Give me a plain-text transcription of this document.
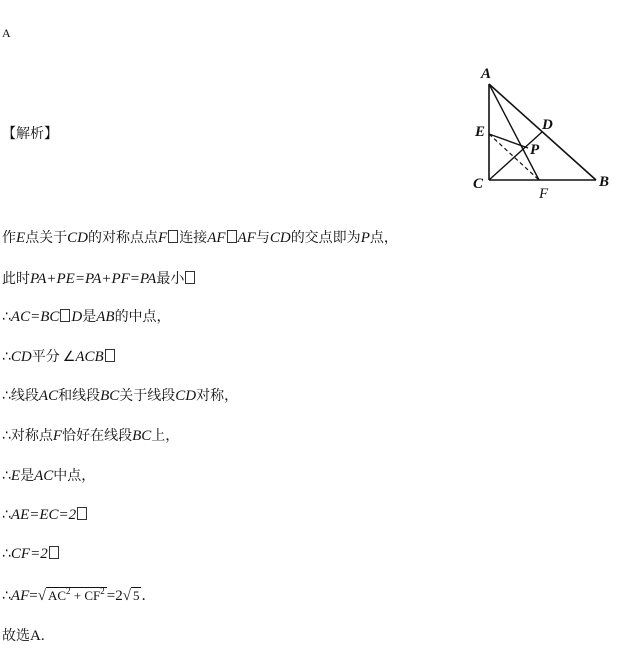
A
【解析】
A
E	D
P
C	B
F
作E点关于CD的对称点点F 连接AF AF与CD的交点即为P点，
此时PA+PE=PA+PF=PA最小
∴AC=BC D是AB的中点，
∴CD平分 ∠ACB
∴线段AC和线段BC关于线段CD对称，
∴对称点F恰好在线段BC上，
∴E是AC中点，
∴AE=EC=2
∴CF=2
∴AF=√ $AC^2 + CF^2 =2√$ 5 ．
故选A.
